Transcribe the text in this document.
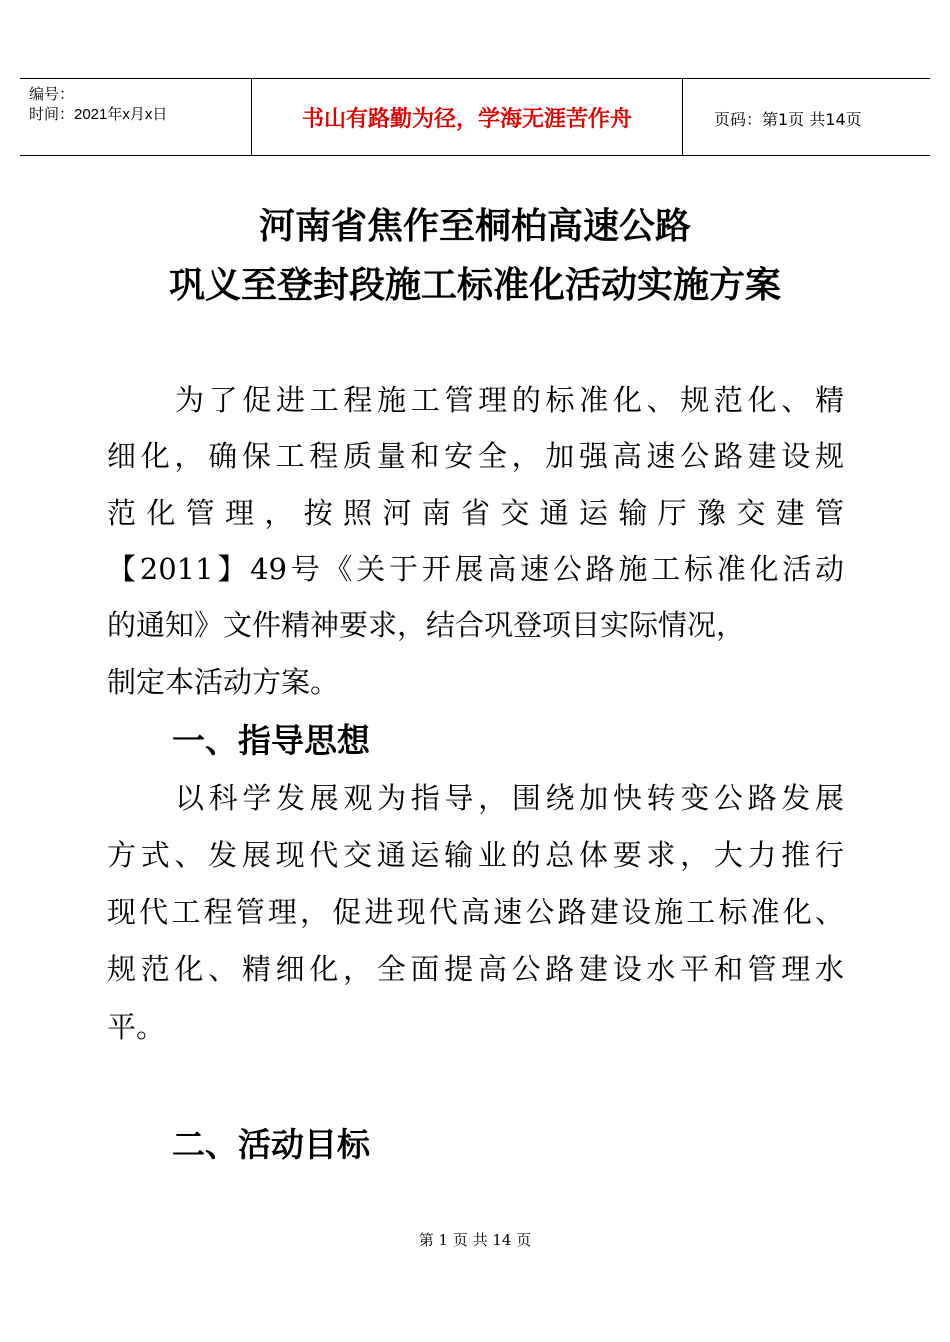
编号：
时间：2021年x月x日	书山有路勤为径，学海无涯苦作舟	页码：第1页 共14页
河南省焦作至桐柏高速公路
巩义至登封段施工标准化活动实施方案
为了促进工程施工管理的标准化、规范化、精
细化，确保工程质量和安全，加强高速公路建设规
范化管理，按照河南省交通运输厅豫交建管
【2011】49号《关于开展高速公路施工标准化活动
的通知》文件精神要求，结合巩登项目实际情况，
制定本活动方案。
一、指导思想
以科学发展观为指导，围绕加快转变公路发展
方式、发展现代交通运输业的总体要求，大力推行
现代工程管理，促进现代高速公路建设施工标准化、
规范化、精细化，全面提高公路建设水平和管理水
平。
二、活动目标
第 1 页 共 14 页
